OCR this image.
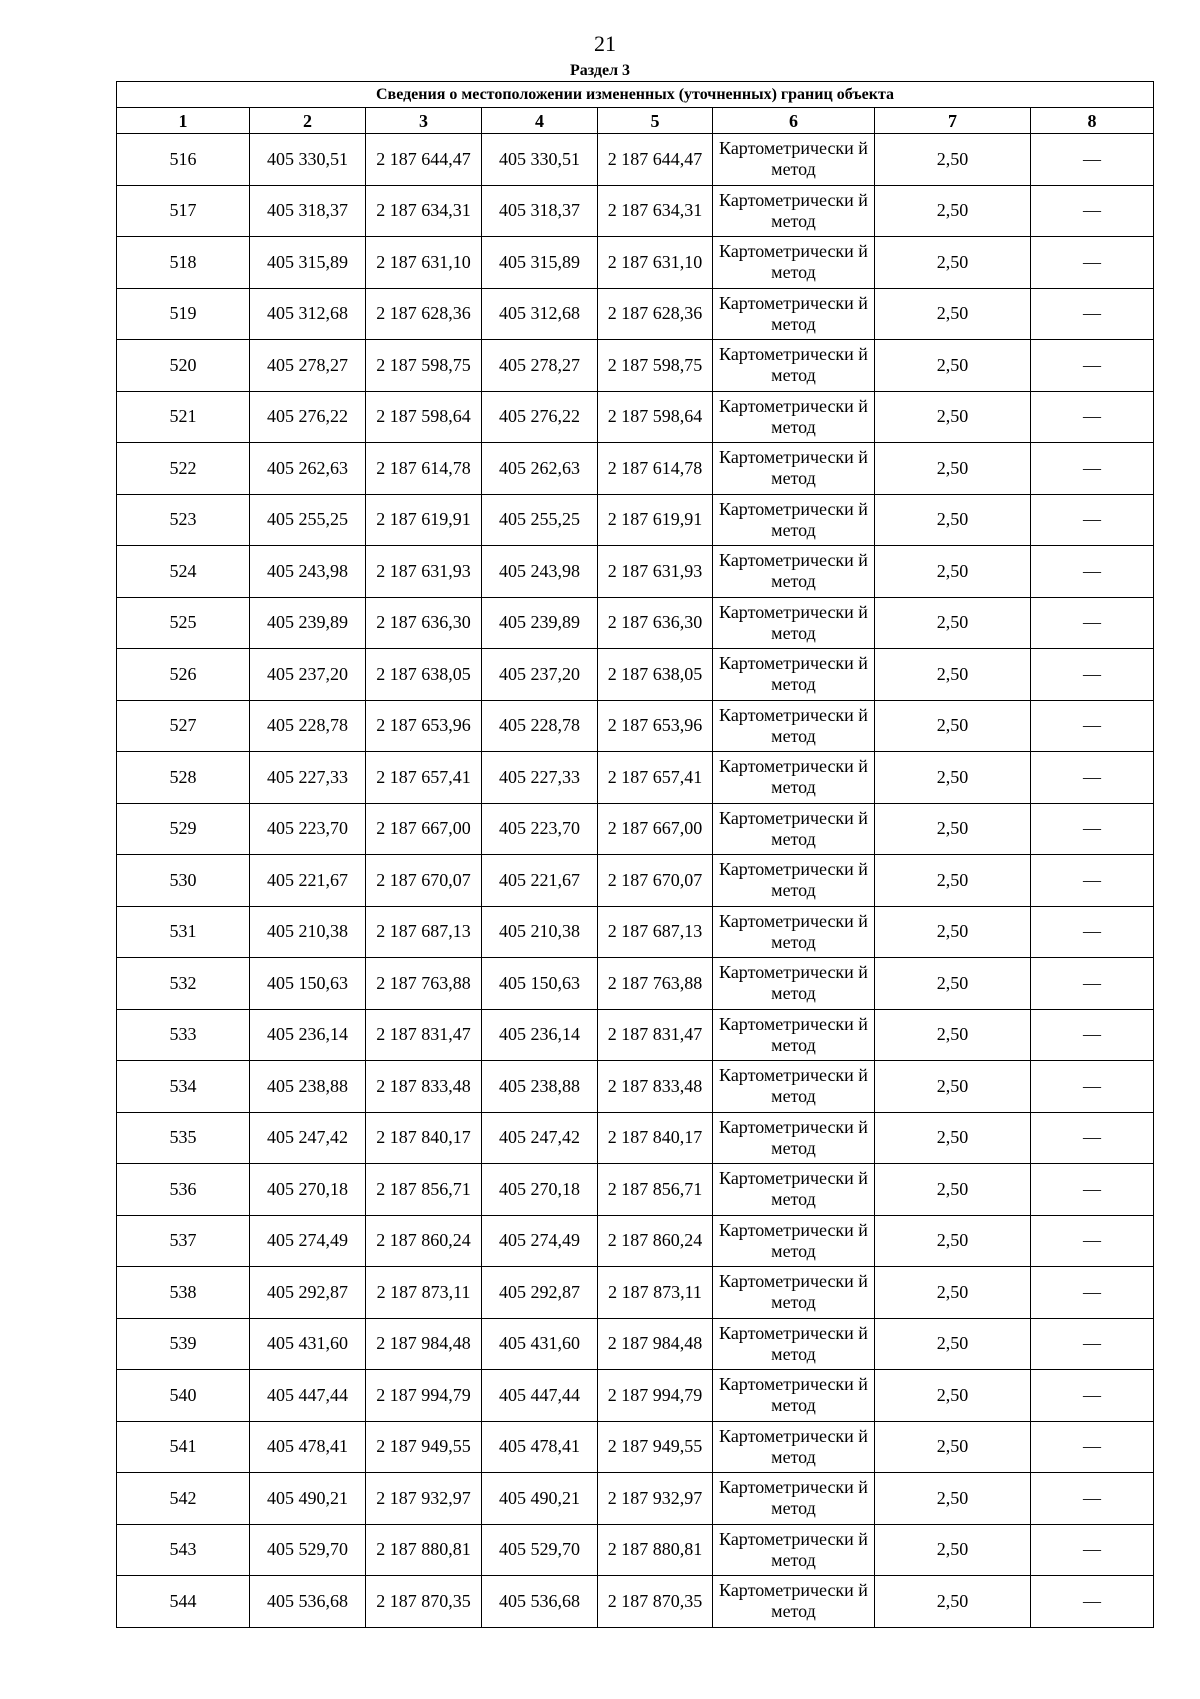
21
Раздел 3
Сведения о местоположении измененных (уточненных) границ объекта							
1	2	3	4	5	6	7	8
516	405 330,51	2 187 644,47	405 330,51	2 187 644,47	Картометрически й метод	2,50	—
517	405 318,37	2 187 634,31	405 318,37	2 187 634,31	Картометрически й метод	2,50	—
518	405 315,89	2 187 631,10	405 315,89	2 187 631,10	Картометрически й метод	2,50	—
519	405 312,68	2 187 628,36	405 312,68	2 187 628,36	Картометрически й метод	2,50	—
520	405 278,27	2 187 598,75	405 278,27	2 187 598,75	Картометрически й метод	2,50	—
521	405 276,22	2 187 598,64	405 276,22	2 187 598,64	Картометрически й метод	2,50	—
522	405 262,63	2 187 614,78	405 262,63	2 187 614,78	Картометрически й метод	2,50	—
523	405 255,25	2 187 619,91	405 255,25	2 187 619,91	Картометрически й метод	2,50	—
524	405 243,98	2 187 631,93	405 243,98	2 187 631,93	Картометрически й метод	2,50	—
525	405 239,89	2 187 636,30	405 239,89	2 187 636,30	Картометрически й метод	2,50	—
526	405 237,20	2 187 638,05	405 237,20	2 187 638,05	Картометрически й метод	2,50	—
527	405 228,78	2 187 653,96	405 228,78	2 187 653,96	Картометрически й метод	2,50	—
528	405 227,33	2 187 657,41	405 227,33	2 187 657,41	Картометрически й метод	2,50	—
529	405 223,70	2 187 667,00	405 223,70	2 187 667,00	Картометрически й метод	2,50	—
530	405 221,67	2 187 670,07	405 221,67	2 187 670,07	Картометрически й метод	2,50	—
531	405 210,38	2 187 687,13	405 210,38	2 187 687,13	Картометрически й метод	2,50	—
532	405 150,63	2 187 763,88	405 150,63	2 187 763,88	Картометрически й метод	2,50	—
533	405 236,14	2 187 831,47	405 236,14	2 187 831,47	Картометрически й метод	2,50	—
534	405 238,88	2 187 833,48	405 238,88	2 187 833,48	Картометрически й метод	2,50	—
535	405 247,42	2 187 840,17	405 247,42	2 187 840,17	Картометрически й метод	2,50	—
536	405 270,18	2 187 856,71	405 270,18	2 187 856,71	Картометрически й метод	2,50	—
537	405 274,49	2 187 860,24	405 274,49	2 187 860,24	Картометрически й метод	2,50	—
538	405 292,87	2 187 873,11	405 292,87	2 187 873,11	Картометрически й метод	2,50	—
539	405 431,60	2 187 984,48	405 431,60	2 187 984,48	Картометрически й метод	2,50	—
540	405 447,44	2 187 994,79	405 447,44	2 187 994,79	Картометрически й метод	2,50	—
541	405 478,41	2 187 949,55	405 478,41	2 187 949,55	Картометрически й метод	2,50	—
542	405 490,21	2 187 932,97	405 490,21	2 187 932,97	Картометрически й метод	2,50	—
543	405 529,70	2 187 880,81	405 529,70	2 187 880,81	Картометрически й метод	2,50	—
544	405 536,68	2 187 870,35	405 536,68	2 187 870,35	Картометрически й метод	2,50	—
